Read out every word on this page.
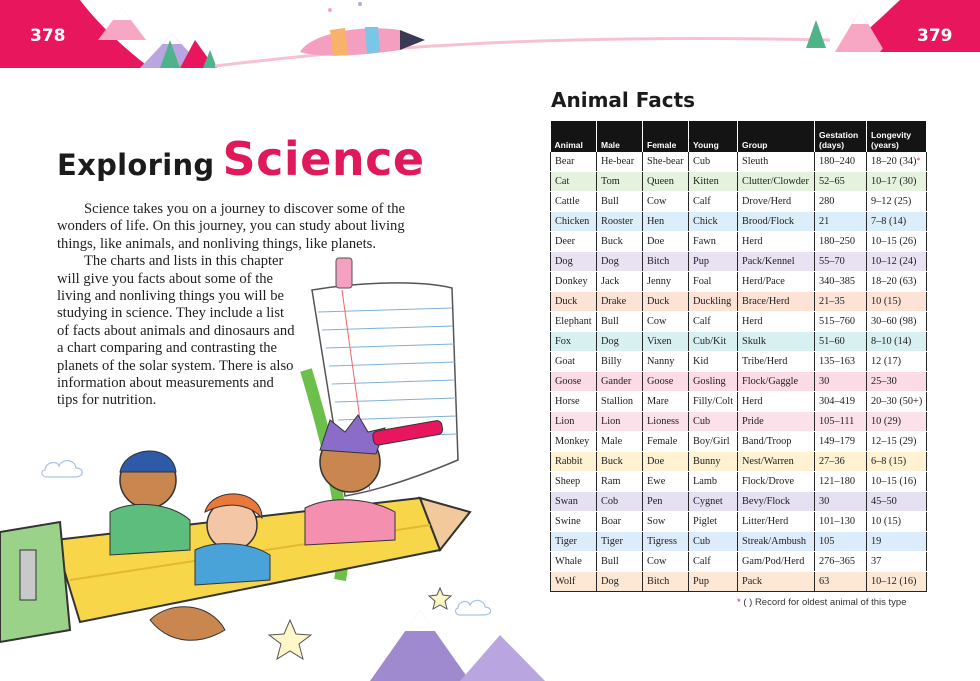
378	379
Exploring Science

Science takes you on a journey to discover some of the wonders of life. On this journey, you can study about living things, like animals, and nonliving things, like planets.

The charts and lists in this chapter will give you facts about some of the living and nonliving things you will be studying in science. They include a list of facts about animals and dinosaurs and a chart comparing and contrasting the planets of the solar system. There is also information about measurements and tips for nutrition.

Animal Facts
Animal	Male	Female	Young	Group	Gestation (days)	Longevity (years)
Bear	He-bear	She-bear	Cub	Sleuth	180–240	18–20 (34)*
Cat	Tom	Queen	Kitten	Clutter/Clowder	52–65	10–17 (30)
Cattle	Bull	Cow	Calf	Drove/Herd	280	9–12 (25)
Chicken	Rooster	Hen	Chick	Brood/Flock	21	7–8 (14)
Deer	Buck	Doe	Fawn	Herd	180–250	10–15 (26)
Dog	Dog	Bitch	Pup	Pack/Kennel	55–70	10–12 (24)
Donkey	Jack	Jenny	Foal	Herd/Pace	340–385	18–20 (63)
Duck	Drake	Duck	Duckling	Brace/Herd	21–35	10 (15)
Elephant	Bull	Cow	Calf	Herd	515–760	30–60 (98)
Fox	Dog	Vixen	Cub/Kit	Skulk	51–60	8–10 (14)
Goat	Billy	Nanny	Kid	Tribe/Herd	135–163	12 (17)
Goose	Gander	Goose	Gosling	Flock/Gaggle	30	25–30
Horse	Stallion	Mare	Filly/Colt	Herd	304–419	20–30 (50+)
Lion	Lion	Lioness	Cub	Pride	105–111	10 (29)
Monkey	Male	Female	Boy/Girl	Band/Troop	149–179	12–15 (29)
Rabbit	Buck	Doe	Bunny	Nest/Warren	27–36	6–8 (15)
Sheep	Ram	Ewe	Lamb	Flock/Drove	121–180	10–15 (16)
Swan	Cob	Pen	Cygnet	Bevy/Flock	30	45–50
Swine	Boar	Sow	Piglet	Litter/Herd	101–130	10 (15)
Tiger	Tiger	Tigress	Cub	Streak/Ambush	105	19
Whale	Bull	Cow	Calf	Gam/Pod/Herd	276–365	37
Wolf	Dog	Bitch	Pup	Pack	63	10–12 (16)
* ( ) Record for oldest animal of this type
